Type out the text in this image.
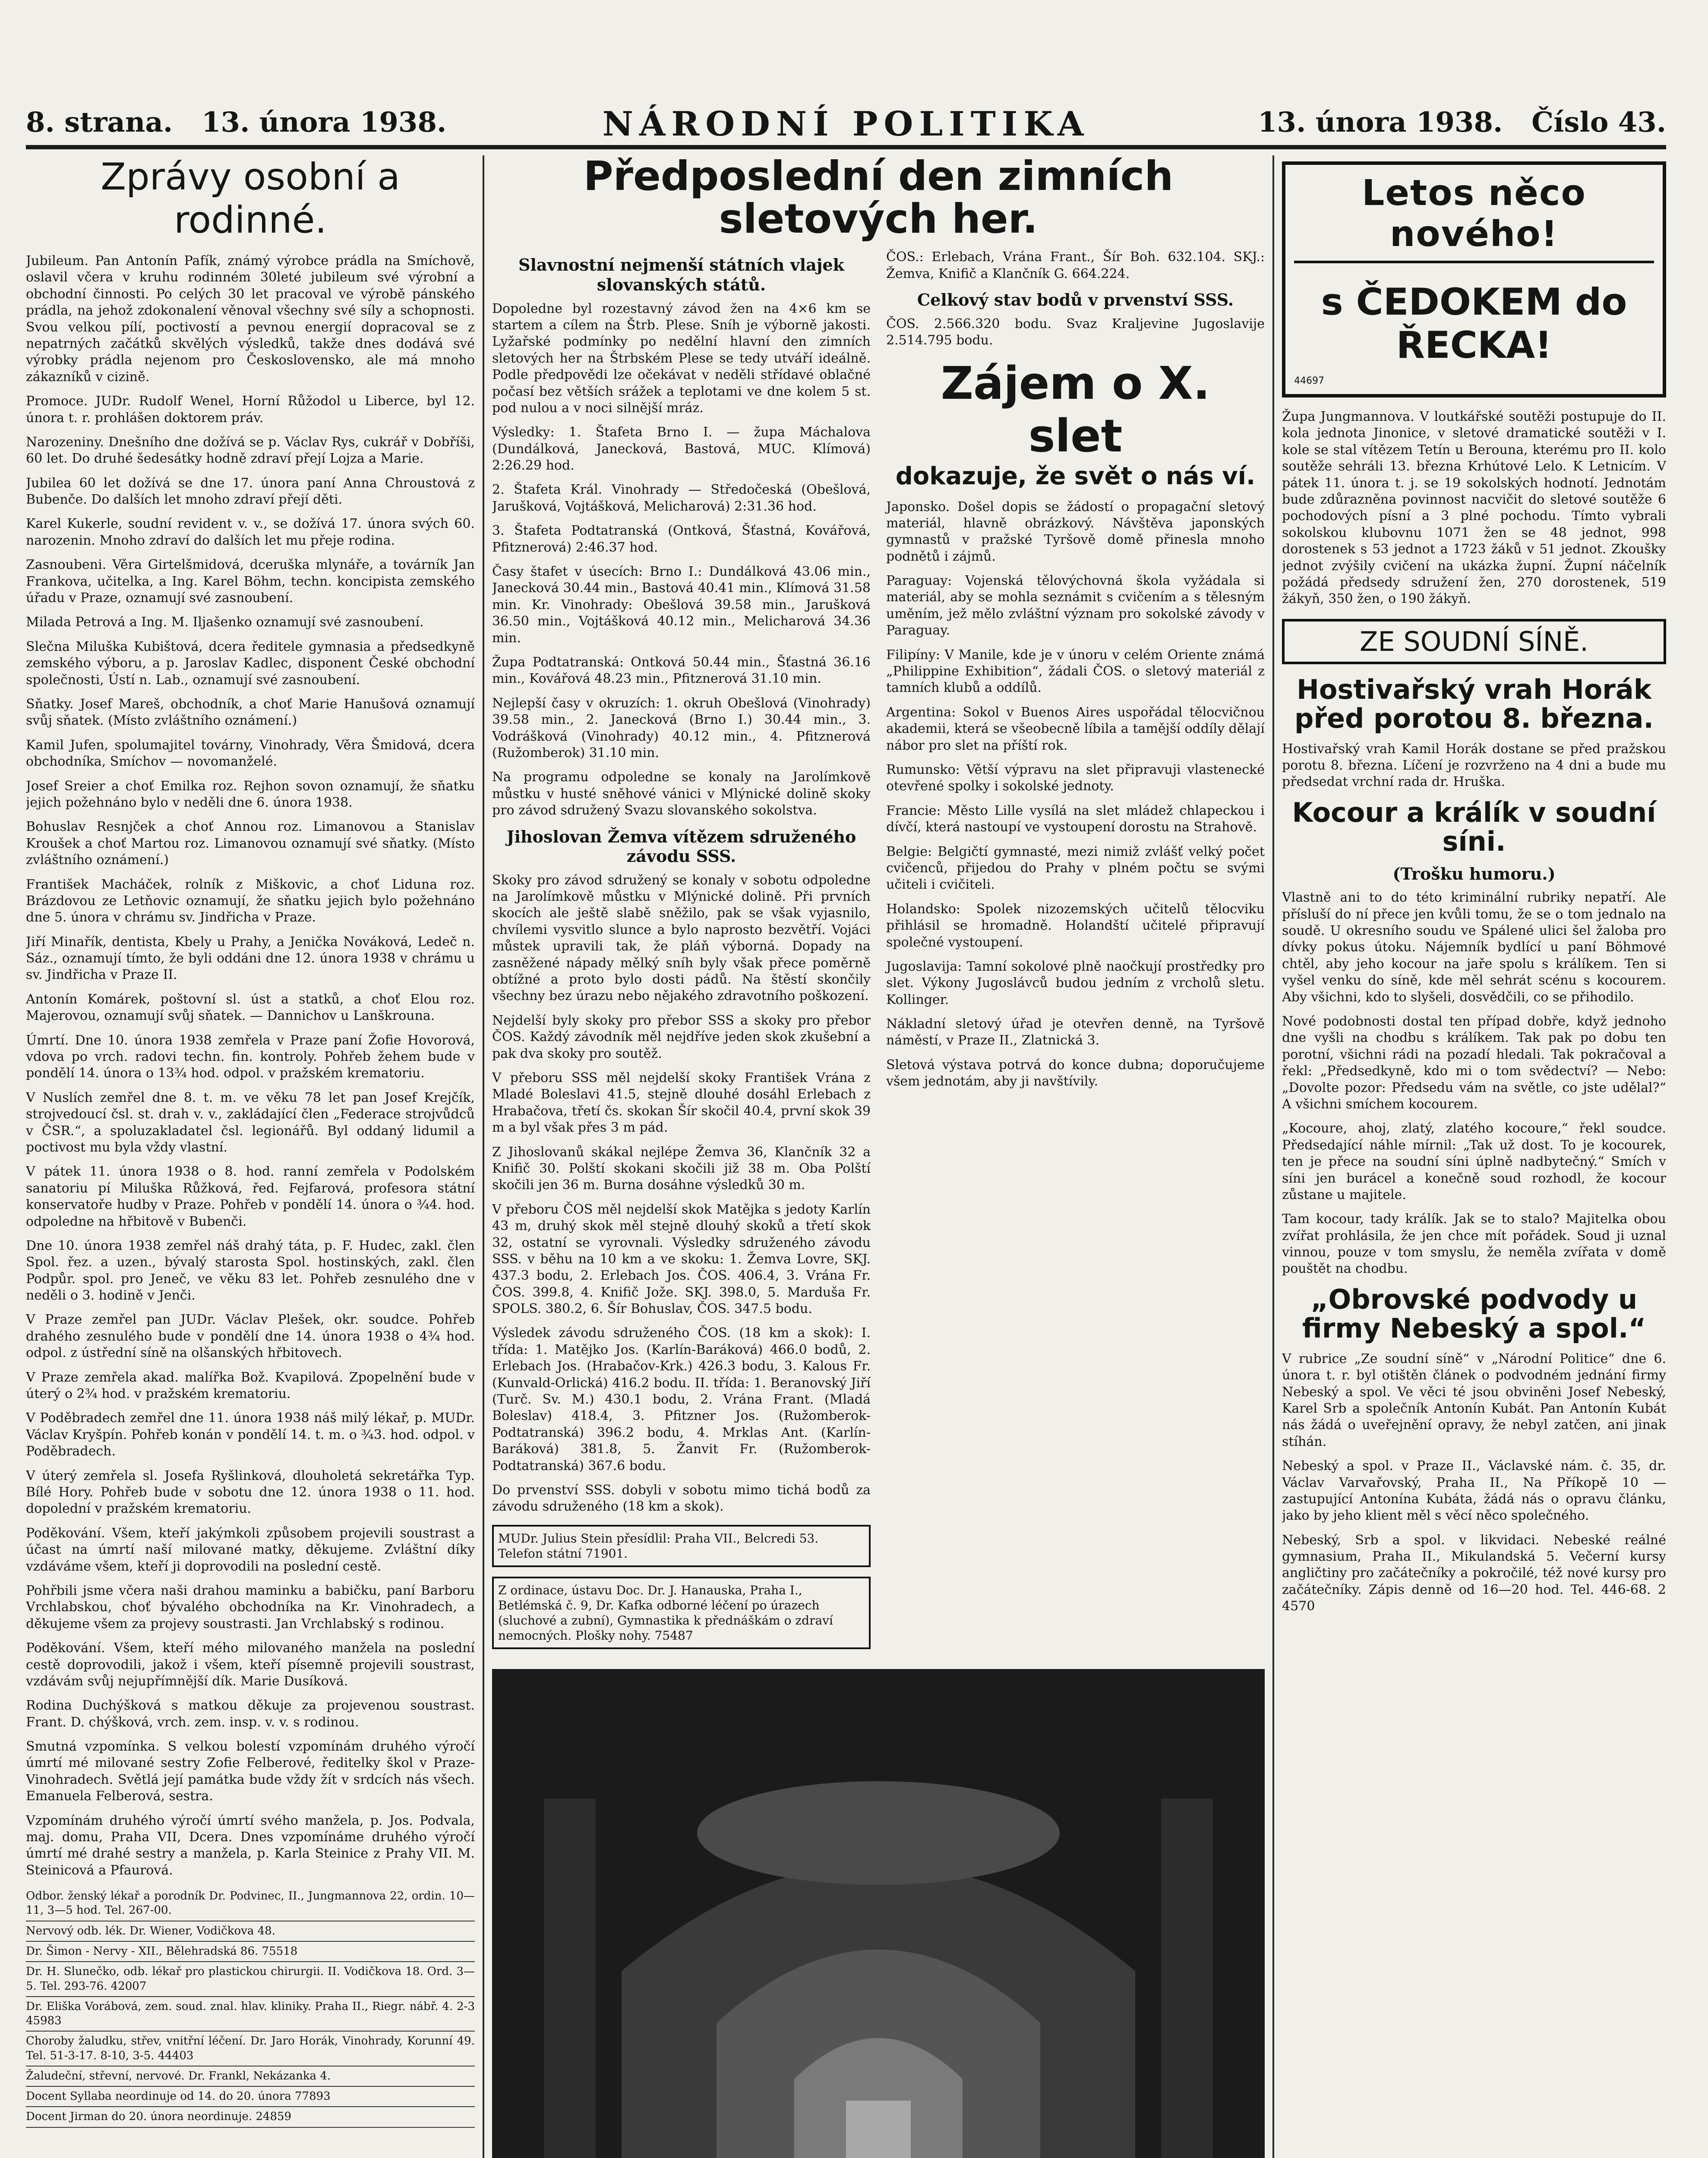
8. strana. 13. února 1938.	NÁRODNÍ POLITIKA	13. února 1938. Číslo 43.
Zprávy osobní a rodinné.

Jubileum. Pan Antonín Pafík, známý výrobce prádla na Smíchově, oslavil včera v kruhu rodinném 30leté jubileum své výrobní a obchodní činnosti. Po celých 30 let pracoval ve výrobě pánského prádla, na jehož zdokonalení věnoval všechny své síly a schopnosti. Svou velkou pílí, poctivostí a pevnou energií dopracoval se z nepatrných začátků skvělých výsledků, takže dnes dodává své výrobky prádla nejenom pro Československo, ale má mnoho zákazníků v cizině.

Promoce. JUDr. Rudolf Wenel, Horní Růžodol u Liberce, byl 12. února t. r. prohlášen doktorem práv.

Narozeniny. Dnešního dne dožívá se p. Václav Rys, cukrář v Dobříši, 60 let. Do druhé šedesátky hodně zdraví přejí Lojza a Marie.

Jubilea 60 let dožívá se dne 17. února paní Anna Chroustová z Bubenče. Do dalších let mnoho zdraví přejí děti.

Karel Kukerle, soudní revident v. v., se dožívá 17. února svých 60. narozenin. Mnoho zdraví do dalších let mu přeje rodina.

Zasnoubeni. Věra Girtelšmidová, dceruška mlynáře, a továrník Jan Frankova, učitelka, a Ing. Karel Böhm, techn. koncipista zemského úřadu v Praze, oznamují své zasnoubení.

Milada Petrová a Ing. M. Iljašenko oznamují své zasnoubení.

Slečna Miluška Kubištová, dcera ředitele gymnasia a předsedkyně zemského výboru, a p. Jaroslav Kadlec, disponent České obchodní společnosti, Ústí n. Lab., oznamují své zasnoubení.

Sňatky. Josef Mareš, obchodník, a choť Marie Hanušová oznamují svůj sňatek. (Místo zvláštního oznámení.)

Kamil Jufen, spolumajitel továrny, Vinohrady, Věra Šmidová, dcera obchodníka, Smíchov — novomanželé.

Josef Sreier a choť Emilka roz. Rejhon sovon oznamují, že sňatku jejich požehnáno bylo v neděli dne 6. února 1938.

Bohuslav Resnjček a choť Annou roz. Limanovou a Stanislav Kroušek a choť Martou roz. Limanovou oznamují své sňatky. (Místo zvláštního oznámení.)

František Macháček, rolník z Miškovic, a choť Liduna roz. Brázdovou ze Letňovic oznamují, že sňatku jejich bylo požehnáno dne 5. února v chrámu sv. Jindřicha v Praze.

Jiří Minařík, dentista, Kbely u Prahy, a Jenička Nováková, Ledeč n. Sáz., oznamují tímto, že byli oddáni dne 12. února 1938 v chrámu u sv. Jindřicha v Praze II.

Antonín Komárek, poštovní sl. úst a statků, a choť Elou roz. Majerovou, oznamují svůj sňatek. — Dannichov u Lanškrouna.

Úmrtí. Dne 10. února 1938 zemřela v Praze paní Žofie Hovorová, vdova po vrch. radovi techn. fin. kontroly. Pohřeb žehem bude v pondělí 14. února o 13¾ hod. odpol. v pražském krematoriu.

V Nuslích zemřel dne 8. t. m. ve věku 78 let pan Josef Krejčík, strojvedoucí čsl. st. drah v. v., zakládající člen „Federace strojvůdců v ČSR.“, a spoluzakladatel čsl. legionářů. Byl oddaný lidumil a poctivost mu byla vždy vlastní.

V pátek 11. února 1938 o 8. hod. ranní zemřela v Podolském sanatoriu pí Miluška Růžková, řed. Fejfarová, profesora státní konservatoře hudby v Praze. Pohřeb v pondělí 14. února o ¾4. hod. odpoledne na hřbitově v Bubenči.

Dne 10. února 1938 zemřel náš drahý táta, p. F. Hudec, zakl. člen Spol. řez. a uzen., bývalý starosta Spol. hostinských, zakl. člen Podpůr. spol. pro Jeneč, ve věku 83 let. Pohřeb zesnulého dne v neděli o 3. hodině v Jenči.

V Praze zemřel pan JUDr. Václav Plešek, okr. soudce. Pohřeb drahého zesnulého bude v pondělí dne 14. února 1938 o 4¾ hod. odpol. z ústřední síně na olšanských hřbitovech.

V Praze zemřela akad. malířka Bož. Kvapilová. Zpopelnění bude v úterý o 2¾ hod. v pražském krematoriu.

V Poděbradech zemřel dne 11. února 1938 náš milý lékař, p. MUDr. Václav Kryšpín. Pohřeb konán v pondělí 14. t. m. o ¾3. hod. odpol. v Poděbradech.

V úterý zemřela sl. Josefa Ryšlinková, dlouholetá sekretářka Typ. Bílé Hory. Pohřeb bude v sobotu dne 12. února 1938 o 11. hod. dopolední v pražském krematoriu.

Poděkování. Všem, kteří jakýmkoli způsobem projevili soustrast a účast na úmrtí naší milované matky, děkujeme. Zvláštní díky vzdáváme všem, kteří ji doprovodili na poslední cestě.

Pohřbili jsme včera naši drahou maminku a babičku, paní Barboru Vrchlabskou, choť bývalého obchodníka na Kr. Vinohradech, a děkujeme všem za projevy soustrasti. Jan Vrchlabský s rodinou.

Poděkování. Všem, kteří mého milovaného manžela na poslední cestě doprovodili, jakož i všem, kteří písemně projevili soustrast, vzdávám svůj nejupřímnější dík. Marie Dusíková.

Rodina Duchýšková s matkou děkuje za projevenou soustrast. Frant. D. chýšková, vrch. zem. insp. v. v. s rodinou.

Smutná vzpomínka. S velkou bolestí vzpomínám druhého výročí úmrtí mé milované sestry Zofie Felberové, ředitelky škol v Praze-Vinohradech. Světlá její památka bude vždy žít v srdcích nás všech. Emanuela Felberová, sestra.

Vzpomínám druhého výročí úmrtí svého manžela, p. Jos. Podvala, maj. domu, Praha VII, Dcera. Dnes vzpomínáme druhého výročí úmrtí mé drahé sestry a manžela, p. Karla Steinice z Prahy VII. M. Steinicová a Pfaurová.

Odbor. ženský lékař a porodník Dr. Podvinec, II., Jungmannova 22, ordin. 10—11, 3—5 hod. Tel. 267-00.

Nervový odb. lék. Dr. Wiener, Vodičkova 48.

Dr. Šimon - Nervy - XII., Bělehradská 86. 75518

Dr. H. Slunečko, odb. lékař pro plastickou chirurgii. II. Vodičkova 18. Ord. 3—5. Tel. 293-76. 42007

Dr. Eliška Vorábová, zem. soud. znal. hlav. kliniky. Praha II., Riegr. nábř. 4. 2-3 45983

Choroby žaludku, střev, vnitřní léčení. Dr. Jaro Horák, Vinohrady, Korunní 49. Tel. 51-3-17. 8-10, 3-5. 44403

Žaludeční, střevní, nervové. Dr. Frankl, Nekázanka 4.

Docent Syllaba neordinuje od 14. do 20. února 77893

Docent Jirman do 20. února neordinuje. 24859

Předposlední den zimních sletových her.
Slavnostní nejmenší státních vlajek slovanských států.

Dopoledne byl rozestavný závod žen na 4×6 km se startem a cílem na Štrb. Plese. Sníh je výborně jakosti. Lyžařské podmínky po nedělní hlavní den zimních sletových her na Štrbském Plese se tedy utváří ideálně. Podle předpovědi lze očekávat v neděli střídavé oblačné počasí bez větších srážek a teplotami ve dne kolem 5 st. pod nulou a v noci silnější mráz.

Výsledky: 1. Štafeta Brno I. — župa Máchalova (Dundálková, Janecková, Bastová, MUC. Klímová) 2:26.29 hod.

2. Štafeta Král. Vinohrady — Středočeská (Obešlová, Jarušková, Vojtášková, Melicharová) 2:31.36 hod.

3. Štafeta Podtatranská (Ontková, Šťastná, Kovářová, Pfitznerová) 2:46.37 hod.

Časy štafet v úsecích: Brno I.: Dundálková 43.06 min., Janecková 30.44 min., Bastová 40.41 min., Klímová 31.58 min. Kr. Vinohrady: Obešlová 39.58 min., Jarušková 36.50 min., Vojtášková 40.12 min., Melicharová 34.36 min.

Župa Podtatranská: Ontková 50.44 min., Šťastná 36.16 min., Kovářová 48.23 min., Pfitznerová 31.10 min.

Nejlepší časy v okruzích: 1. okruh Obešlová (Vinohrady) 39.58 min., 2. Janecková (Brno I.) 30.44 min., 3. Vodrášková (Vinohrady) 40.12 min., 4. Pfitznerová (Ružomberok) 31.10 min.

Na programu odpoledne se konaly na Jarolímkově můstku v husté sněhové vánici v Mlýnické dolině skoky pro závod sdružený Svazu slovanského sokolstva.

Jihoslovan Žemva vítězem sdruženého závodu SSS.

Skoky pro závod sdružený se konaly v sobotu odpoledne na Jarolímkově můstku v Mlýnické dolině. Při prvních skocích ale ještě slabě sněžilo, pak se však vyjasnilo, chvílemi vysvitlo slunce a bylo naprosto bezvětří. Vojáci můstek upravili tak, že pláň výborná. Dopady na zasněžené nápady mělký sníh byly však přece poměrně obtížné a proto bylo dosti pádů. Na štěstí skončily všechny bez úrazu nebo nějakého zdravotního poškození.

Nejdelší byly skoky pro přebor SSS a skoky pro přebor ČOS. Každý závodník měl nejdříve jeden skok zkušební a pak dva skoky pro soutěž.

V přeboru SSS měl nejdelší skoky František Vrána z Mladé Boleslavi 41.5, stejně dlouhé dosáhl Erlebach z Hrabačova, třetí čs. skokan Šír skočil 40.4, první skok 39 m a byl však přes 3 m pád.

Z Jihoslovanů skákal nejlépe Žemva 36, Klančník 32 a Knifič 30. Polští skokani skočili již 38 m. Oba Polští skočili jen 36 m. Burna dosáhne výsledků 30 m.

V přeboru ČOS měl nejdelší skok Matějka s jedoty Karlín 43 m, druhý skok měl stejně dlouhý skoků a třetí skok 32, ostatní se vyrovnali. Výsledky sdruženého závodu SSS. v běhu na 10 km a ve skoku: 1. Žemva Lovre, SKJ. 437.3 bodu, 2. Erlebach Jos. ČOS. 406.4, 3. Vrána Fr. ČOS. 399.8, 4. Knifič Jože. SKJ. 398.0, 5. Marduša Fr. SPOLS. 380.2, 6. Šír Bohuslav, ČOS. 347.5 bodu.

Výsledek závodu sdruženého ČOS. (18 km a skok): I. třída: 1. Matějko Jos. (Karlín-Baráková) 466.0 bodů, 2. Erlebach Jos. (Hrabačov-Krk.) 426.3 bodu, 3. Kalous Fr. (Kunvald-Orlická) 416.2 bodu. II. třída: 1. Beranovský Jiří (Turč. Sv. M.) 430.1 bodu, 2. Vrána Frant. (Mladá Boleslav) 418.4, 3. Pfitzner Jos. (Ružomberok-Podtatranská) 396.2 bodu, 4. Mrklas Ant. (Karlín-Baráková) 381.8, 5. Žanvit Fr. (Ružomberok-Podtatranská) 367.6 bodu.

Do prvenství SSS. dobyli v sobotu mimo tichá bodů za závodu sdruženého (18 km a skok).

MUDr. Julius Stein přesídlil: Praha VII., Belcredi 53. Telefon státní 71901.
Z ordinace, ústavu Doc. Dr. J. Hanauska, Praha I., Betlémská č. 9, Dr. Kafka odborné léčení po úrazech (sluchové a zubní), Gymnastika k přednáškám o zdraví nemocných. Plošky nohy. 75487

ČOS.: Erlebach, Vrána Frant., Šír Boh. 632.104. SKJ.: Žemva, Knifič a Klančník G. 664.224.

Celkový stav bodů v prvenství SSS.

ČOS. 2.566.320 bodu. Svaz Kraljevine Jugoslavije 2.514.795 bodu.

Zájem o X. slet
dokazuje, že svět o nás ví.

Japonsko. Došel dopis se žádostí o propagační sletový materiál, hlavně obrázkový. Návštěva japonských gymnastů v pražské Tyršově domě přinesla mnoho podnětů i zájmů.

Paraguay: Vojenská tělovýchovná škola vyžádala si materiál, aby se mohla seznámit s cvičením a s tělesným uměním, jež mělo zvláštní význam pro sokolské závody v Paraguay.

Filipíny: V Manile, kde je v únoru v celém Oriente známá „Philippine Exhibition“, žádali ČOS. o sletový materiál z tamních klubů a oddílů.

Argentina: Sokol v Buenos Aires uspořádal tělocvičnou akademii, která se všeobecně líbila a tamější oddíly dělají nábor pro slet na příští rok.

Rumunsko: Větší výpravu na slet připravuji vlastenecké otevřené spolky i sokolské jednoty.

Francie: Město Lille vysílá na slet mládež chlapeckou i dívčí, která nastoupí ve vystoupení dorostu na Strahově.

Belgie: Belgičtí gymnasté, mezi nimiž zvlášť velký počet cvičenců, přijedou do Prahy v plném počtu se svými učiteli i cvičiteli.

Holandsko: Spolek nizozemských učitelů tělocviku přihlásil se hromadně. Holandští učitelé připravují společné vystoupení.

Jugoslavija: Tamní sokolové plně naočkují prostředky pro slet. Výkony Jugoslávců budou jedním z vrcholů sletu. Kollinger.

Nákladní sletový úřad je otevřen denně, na Tyršově náměstí, v Praze II., Zlatnická 3.

Sletová výstava potrvá do konce dubna; doporučujeme všem jednotám, aby ji navštívily.

Letos něco nového!
s ČEDOKEM do ŘECKA!
44697

Župa Jungmannova. V loutkářské soutěži postupuje do II. kola jednota Jinonice, v sletové dramatické soutěži v I. kole se stal vítězem Tetín u Berouna, kterému pro II. kolo soutěže sehráli 13. března Krhútové Lelo. K Letnicím. V pátek 11. února t. j. se 19 sokolských hodnotí. Jednotám bude zdůrazněna povinnost nacvičit do sletové soutěže 6 pochodových písní a 3 plné pochodu. Tímto vybrali sokolskou klubovnu 1071 žen se 48 jednot, 998 dorostenek s 53 jednot a 1723 žáků v 51 jednot. Zkoušky jednot zvýšily cvičení na ukázka župní. Župní náčelník požádá předsedy sdružení žen, 270 dorostenek, 519 žákyň, 350 žen, o 190 žákyň.

ZE SOUDNÍ SÍNĚ.
Hostivařský vrah Horák před porotou 8. března.

Hostivařský vrah Kamil Horák dostane se před pražskou porotu 8. března. Líčení je rozvrženo na 4 dni a bude mu předsedat vrchní rada dr. Hruška.

Kocour a králík v soudní síni.
(Trošku humoru.)

Vlastně ani to do této kriminální rubriky nepatří. Ale přísluší do ní přece jen kvůli tomu, že se o tom jednalo na soudě. U okresního soudu ve Spálené ulici šel žaloba pro dívky pokus útoku. Nájemník bydlící u paní Böhmové chtěl, aby jeho kocour na jaře spolu s králíkem. Ten si vyšel venku do síně, kde měl sehrát scénu s kocourem. Aby všichni, kdo to slyšeli, dosvědčili, co se přihodilo.

Nové podobnosti dostal ten případ dobře, když jednoho dne vyšli na chodbu s králíkem. Tak pak po dobu ten porotní, všichni rádi na pozadí hledali. Tak pokračoval a řekl: „Předsedkyně, kdo mi o tom svědectví? — Nebo: „Dovolte pozor: Předsedu vám na světle, co jste udělal?“ A všichni smíchem kocourem.

„Kocoure, ahoj, zlatý, zlatého kocoure,“ řekl soudce. Předsedající náhle mírnil: „Tak už dost. To je kocourek, ten je přece na soudní síni úplně nadbytečný.“ Smích v síni jen burácel a konečně soud rozhodl, že kocour zůstane u majitele.

Tam kocour, tady králík. Jak se to stalo? Majitelka obou zvířat prohlásila, že jen chce mít pořádek. Soud ji uznal vinnou, pouze v tom smyslu, že neměla zvířata v domě pouštět na chodbu.

„Obrovské podvody u firmy Nebeský a spol.“

V rubrice „Ze soudní síně“ v „Národní Politice“ dne 6. února t. r. byl otištěn článek o podvodném jednání firmy Nebeský a spol. Ve věci té jsou obviněni Josef Nebeský, Karel Srb a společník Antonín Kubát. Pan Antonín Kubát nás žádá o uveřejnění opravy, že nebyl zatčen, ani jinak stíhán.

Nebeský a spol. v Praze II., Václavské nám. č. 35, dr. Václav Varvařovský, Praha II., Na Příkopě 10 — zastupující Antonína Kubáta, žádá nás o opravu článku, jako by jeho klient měl s věcí něco společného.

Nebeský, Srb a spol. v likvidaci. Nebeské reálné gymnasium, Praha II., Mikulandská 5. Večerní kursy angličtiny pro začátečníky a pokročilé, též nové kursy pro začátečníky. Zápis denně od 16—20 hod. Tel. 446-68. 2 4570
